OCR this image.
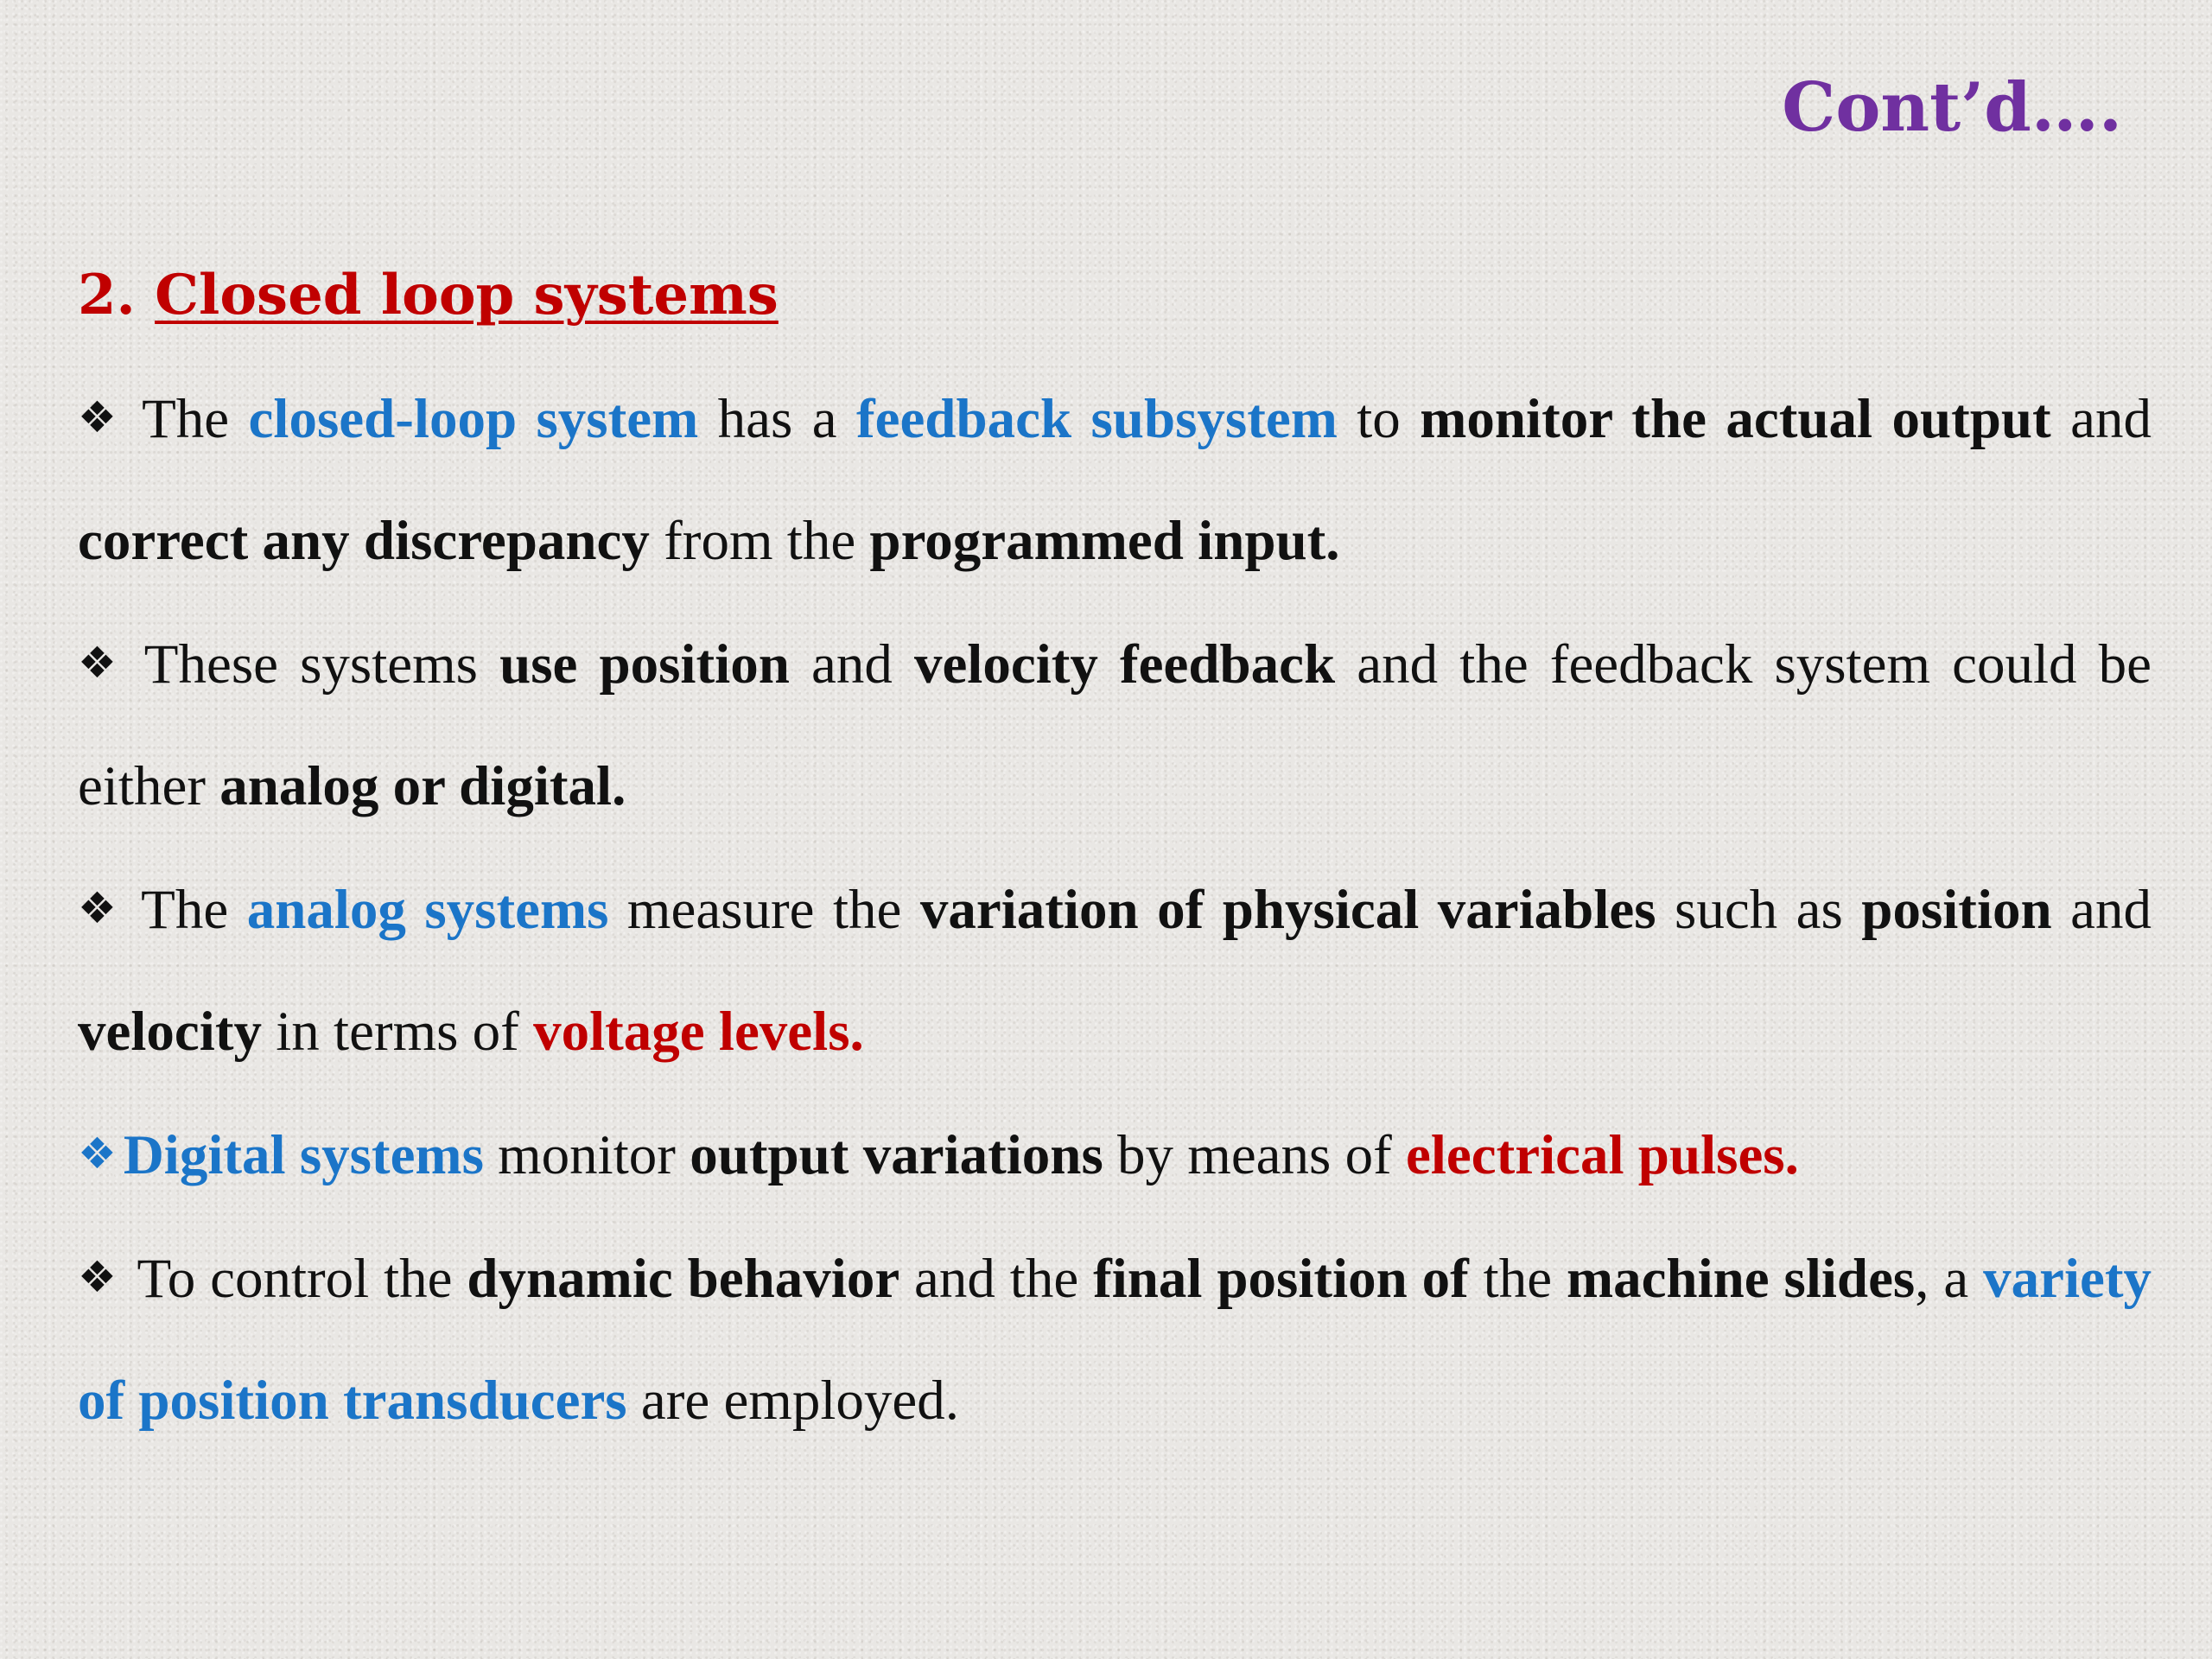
Cont’d….
2. Closed loop systems

❖ The closed-loop system has a feedback subsystem to monitor the actual output and correct any discrepancy from the programmed input.

❖ These systems use position and velocity feedback and the feedback system could be either analog or digital.

❖ The analog systems measure the variation of physical variables such as position and velocity in terms of voltage levels.

❖ Digital systems monitor output variations by means of electrical pulses.

❖ To control the dynamic behavior and the final position of the machine slides, a variety of position transducers are employed.
